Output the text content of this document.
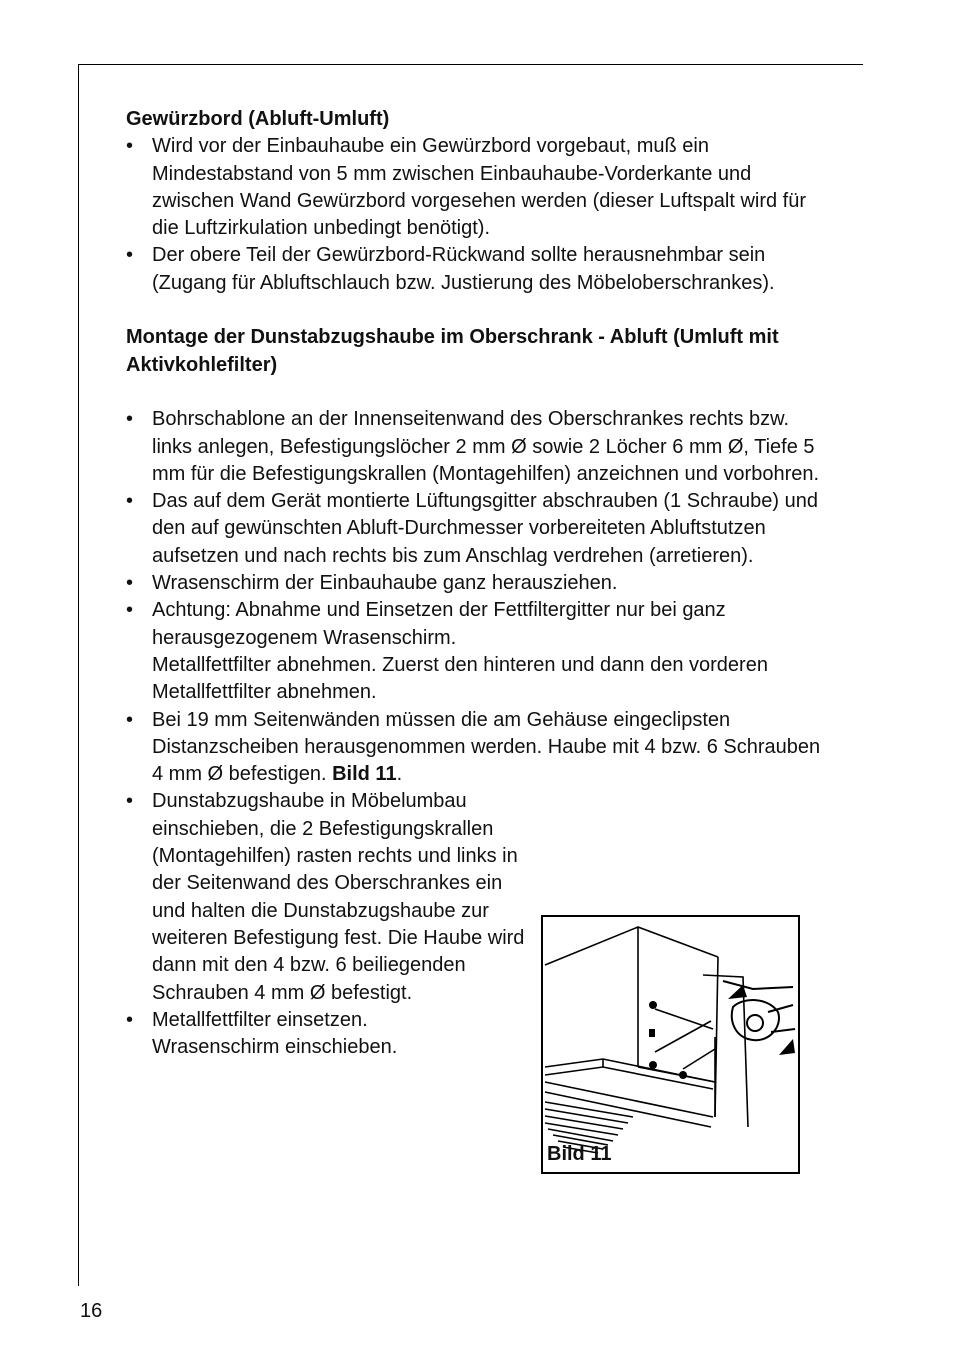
Gewürzbord (Abluft-Umluft)

• Wird vor der Einbauhaube ein Gewürzbord vorgebaut, muß ein Mindestabstand von 5 mm zwischen Einbauhaube-Vorderkante und zwischen Wand Gewürzbord vorgesehen werden (dieser Luftspalt wird für die Luftzirkulation unbedingt benötigt).
• Der obere Teil der Gewürzbord-Rückwand sollte herausnehmbar sein (Zugang für Abluftschlauch bzw. Justierung des Möbeloberschrankes).

Montage der Dunstabzugshaube im Oberschrank - Abluft (Umluft mit Aktivkohlefilter)

• Bohrschablone an der Innenseitenwand des Oberschrankes rechts bzw. links anlegen, Befestigungslöcher 2 mm Ø sowie 2 Löcher 6 mm Ø, Tiefe 5 mm für die Befestigungskrallen (Montagehilfen) anzeichnen und vorbohren.
• Das auf dem Gerät montierte Lüftungsgitter abschrauben (1 Schraube) und den auf gewünschten Abluft-Durchmesser vorbereiteten Abluftstutzen aufsetzen und nach rechts bis zum Anschlag verdrehen (arretieren).
• Wrasenschirm der Einbauhaube ganz herausziehen.
• Achtung: Abnahme und Einsetzen der Fettfiltergitter nur bei ganz herausgezogenem Wrasenschirm.
Metallfettfilter abnehmen. Zuerst den hinteren und dann den vorderen Metallfettfilter abnehmen.
• Bei 19 mm Seitenwänden müssen die am Gehäuse eingeclipsten Distanzscheiben herausgenommen werden. Haube mit 4 bzw. 6 Schrauben 4 mm Ø befestigen. Bild 11.
• Dunstabzugshaube in Möbelumbau einschieben, die 2 Befestigungskrallen (Montagehilfen) rasten rechts und links in der Seitenwand des Oberschrankes ein und halten die Dunstabzugshaube zur weiteren Befestigung fest. Die Haube wird dann mit den 4 bzw. 6 beiliegenden Schrauben 4 mm Ø befestigt.
• Metallfettfilter einsetzen.
Wrasenschirm einschieben.
Bild 11
16
